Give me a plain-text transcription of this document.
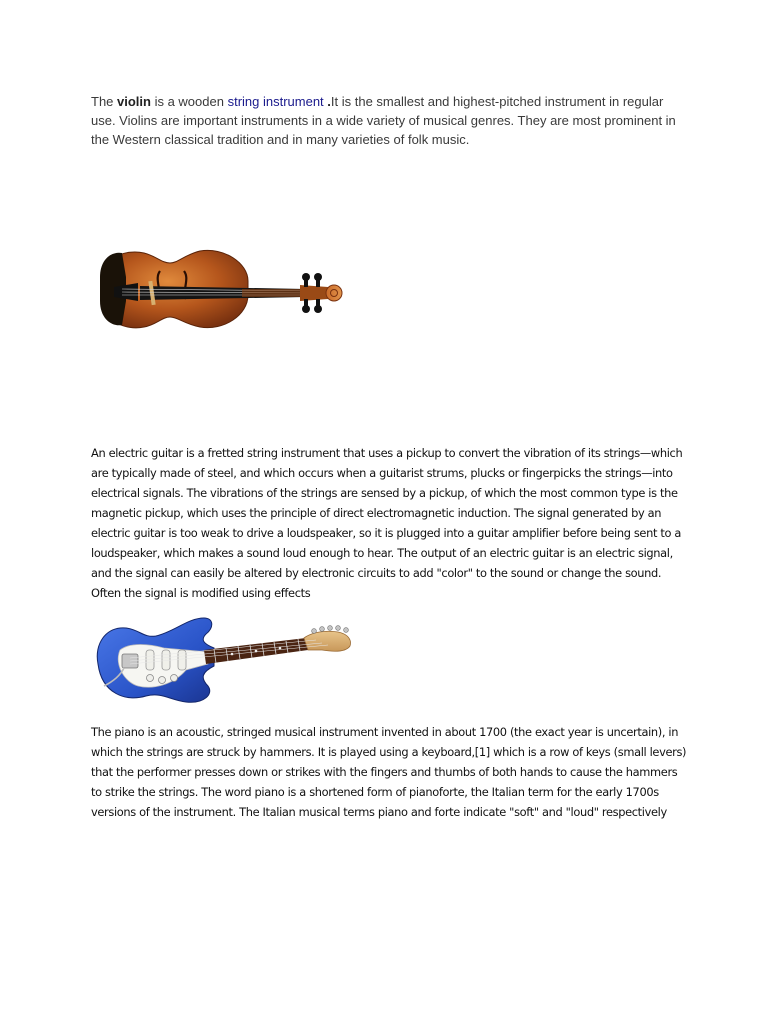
The violin is a wooden string instrument .It is the smallest and highest-pitched instrument in regular use. Violins are important instruments in a wide variety of musical genres. They are most prominent in the Western classical tradition and in many varieties of folk music.

An electric guitar is a fretted string instrument that uses a pickup to convert the vibration of its strings—which are typically made of steel, and which occurs when a guitarist strums, plucks or fingerpicks the strings—into electrical signals. The vibrations of the strings are sensed by a pickup, of which the most common type is the magnetic pickup, which uses the principle of direct electromagnetic induction. The signal generated by an electric guitar is too weak to drive a loudspeaker, so it is plugged into a guitar amplifier before being sent to a loudspeaker, which makes a sound loud enough to hear. The output of an electric guitar is an electric signal, and the signal can easily be altered by electronic circuits to add "color" to the sound or change the sound. Often the signal is modified using effects

The piano is an acoustic, stringed musical instrument invented in about 1700 (the exact year is uncertain), in which the strings are struck by hammers. It is played using a keyboard,[1] which is a row of keys (small levers) that the performer presses down or strikes with the fingers and thumbs of both hands to cause the hammers to strike the strings. The word piano is a shortened form of pianoforte, the Italian term for the early 1700s versions of the instrument. The Italian musical terms piano and forte indicate "soft" and "loud" respectively
